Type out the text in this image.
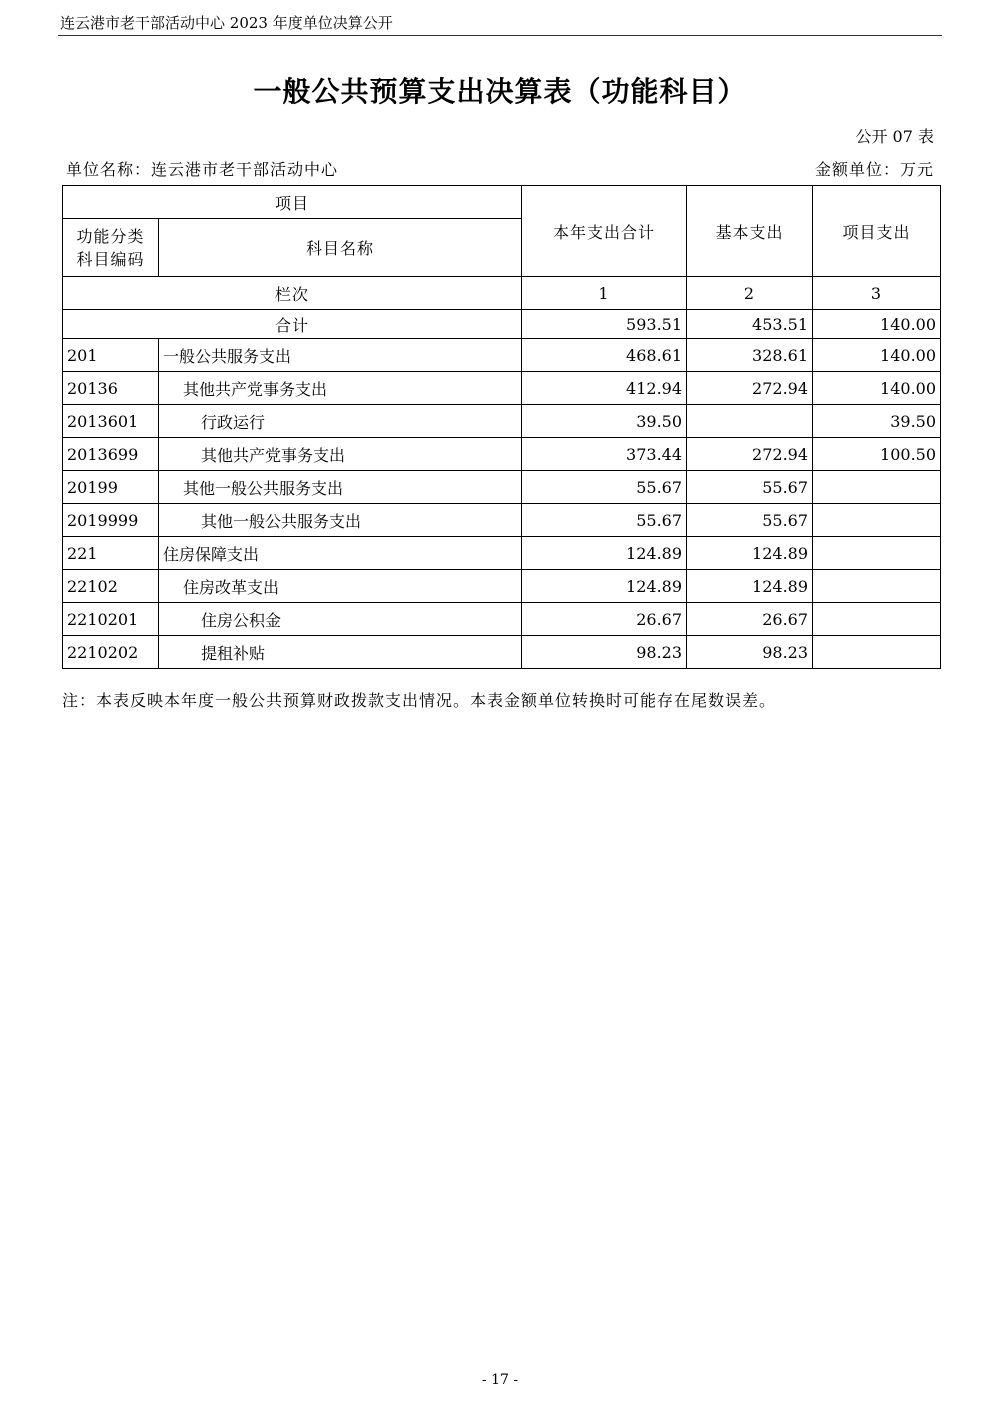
连云港市老干部活动中心 2023 年度单位决算公开
一般公共预算支出决算表（功能科目）
公开 07 表
单位名称：连云港市老干部活动中心	金额单位：万元
项目		本年支出合计	基本支出	项目支出

功能分类
科目编码	科目名称			
栏次		1	2	3
合计		593.51	453.51	140.00
201	一般公共服务支出	468.61	328.61	140.00
20136	其他共产党事务支出	412.94	272.94	140.00
2013601	行政运行	39.50		39.50
2013699	其他共产党事务支出	373.44	272.94	100.50
20199	其他一般公共服务支出	55.67	55.67	
2019999	其他一般公共服务支出	55.67	55.67	
221	住房保障支出	124.89	124.89	
22102	住房改革支出	124.89	124.89	
2210201	住房公积金	26.67	26.67	
2210202	提租补贴	98.23	98.23	
注：本表反映本年度一般公共预算财政拨款支出情况。本表金额单位转换时可能存在尾数误差。
- 17 -
